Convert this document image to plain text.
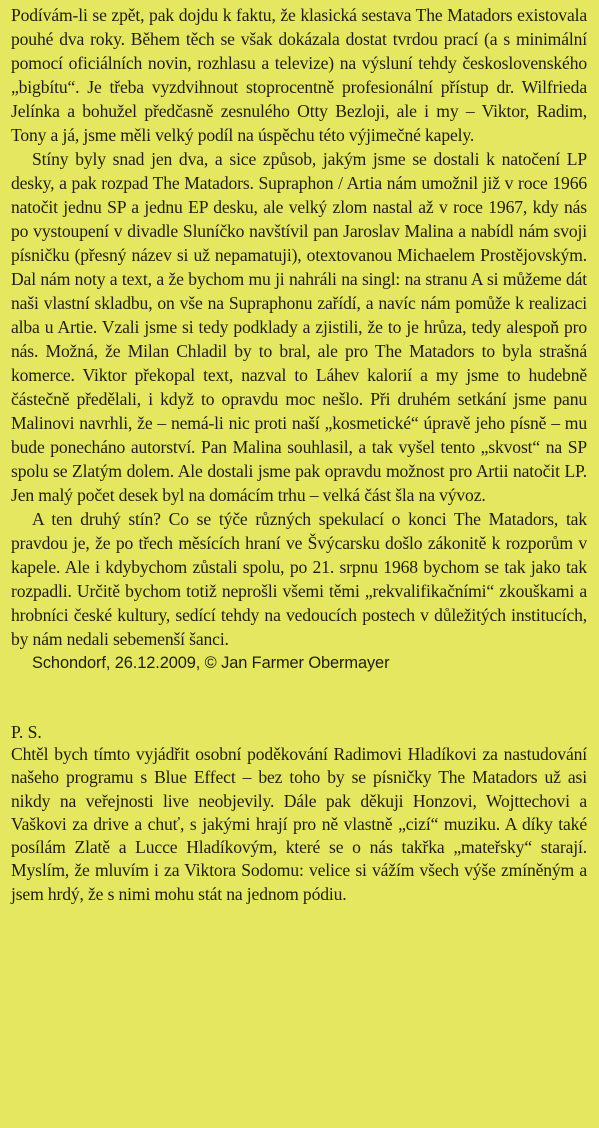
Podívám-li se zpět, pak dojdu k faktu, že klasická sestava The Matadors existovala pouhé dva roky. Během těch se však dokázala dostat tvrdou prací (a s minimální pomocí oficiálních novin, rozhlasu a televize) na výsluní tehdy československého „bigbítu“. Je třeba vyzdvihnout stoprocentně profesionální přístup dr. Wilfrieda Jelínka a bohužel předčasně zesnulého Otty Bezloji, ale i my – Viktor, Radim, Tony a já, jsme měli velký podíl na úspěchu této výjimečné kapely.

Stíny byly snad jen dva, a sice způsob, jakým jsme se dostali k natočení LP desky, a pak rozpad The Matadors. Supraphon / Artia nám umožnil již v roce 1966 natočit jednu SP a jednu EP desku, ale velký zlom nastal až v roce 1967, kdy nás po vystoupení v divadle Sluníčko navštívil pan Jaroslav Malina a nabídl nám svoji písničku (přesný název si už nepamatuji), otextovanou Michaelem Prostějovským. Dal nám noty a text, a že bychom mu ji nahráli na singl: na stranu A si můžeme dát naši vlastní skladbu, on vše na Supraphonu zařídí, a navíc nám pomůže k realizaci alba u Artie. Vzali jsme si tedy podklady a zjistili, že to je hrůza, tedy alespoň pro nás. Možná, že Milan Chladil by to bral, ale pro The Matadors to byla strašná komerce. Viktor překopal text, nazval to Láhev kalorií a my jsme to hudebně částečně předělali, i když to opravdu moc nešlo. Při druhém setkání jsme panu Malinovi navrhli, že – nemá-li nic proti naší „kosmetické“ úpravě jeho písně – mu bude ponecháno autorství. Pan Malina souhlasil, a tak vyšel tento „skvost“ na SP spolu se Zlatým dolem. Ale dostali jsme pak opravdu možnost pro Artii natočit LP. Jen malý počet desek byl na domácím trhu – velká část šla na vývoz.

A ten druhý stín? Co se týče různých spekulací o konci The Matadors, tak pravdou je, že po třech měsících hraní ve Švýcarsku došlo zákonitě k rozporům v kapele. Ale i kdybychom zůstali spolu, po 21. srpnu 1968 bychom se tak jako tak rozpadli. Určitě bychom totiž neprošli všemi těmi „rekvalifikačními“ zkouškami a hrobníci české kultury, sedící tehdy na vedoucích postech v důležitých institucích, by nám nedali sebemenší šanci.

Schondorf, 26.12.2009, © Jan Farmer Obermayer

P. S.

Chtěl bych tímto vyjádřit osobní poděkování Radimovi Hladíkovi za nastudování našeho programu s Blue Effect – bez toho by se písničky The Matadors už asi nikdy na veřejnosti live neobjevily. Dále pak děkuji Honzovi, Wojttechovi a Vaškovi za drive a chuť, s jakými hrají pro ně vlastně „cizí“ muziku. A díky také posílám Zlatě a Lucce Hladíkovým, které se o nás takřka „mateřsky“ starají. Myslím, že mluvím i za Viktora Sodomu: velice si vážím všech výše zmíněným a jsem hrdý, že s nimi mohu stát na jednom pódiu.
